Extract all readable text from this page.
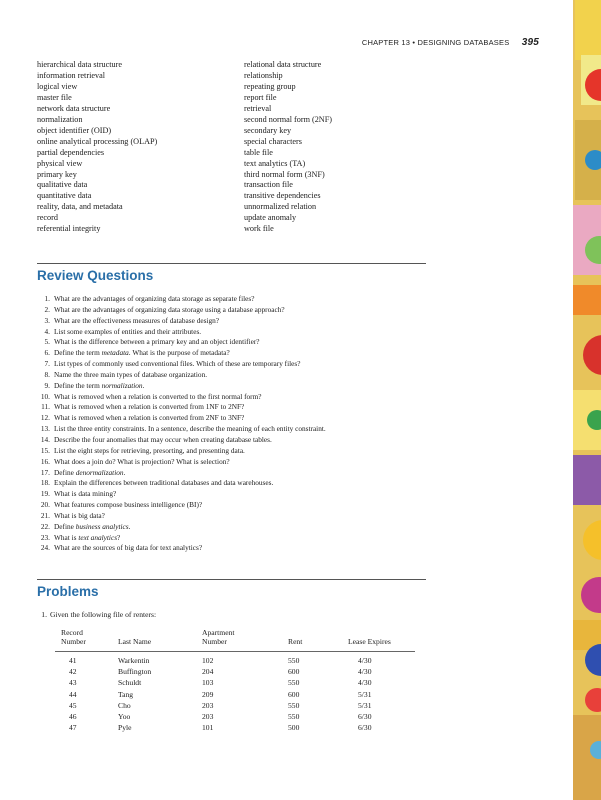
CHAPTER 13 • DESIGNING DATABASES 395
hierarchical data structure
information retrieval
logical view
master file
network data structure
normalization
object identifier (OID)
online analytical processing (OLAP)
partial dependencies
physical view
primary key
qualitative data
quantitative data
reality, data, and metadata
record
referential integrity
relational data structure
relationship
repeating group
report file
retrieval
second normal form (2NF)
secondary key
special characters
table file
text analytics (TA)
third normal form (3NF)
transaction file
transitive dependencies
unnormalized relation
update anomaly
work file
Review Questions
1. What are the advantages of organizing data storage as separate files?
2. What are the advantages of organizing data storage using a database approach?
3. What are the effectiveness measures of database design?
4. List some examples of entities and their attributes.
5. What is the difference between a primary key and an object identifier?
6. Define the term metadata. What is the purpose of metadata?
7. List types of commonly used conventional files. Which of these are temporary files?
8. Name the three main types of database organization.
9. Define the term normalization.
10. What is removed when a relation is converted to the first normal form?
11. What is removed when a relation is converted from 1NF to 2NF?
12. What is removed when a relation is converted from 2NF to 3NF?
13. List the three entity constraints. In a sentence, describe the meaning of each entity constraint.
14. Describe the four anomalies that may occur when creating database tables.
15. List the eight steps for retrieving, presorting, and presenting data.
16. What does a join do? What is projection? What is selection?
17. Define denormalization.
18. Explain the differences between traditional databases and data warehouses.
19. What is data mining?
20. What features compose business intelligence (BI)?
21. What is big data?
22. Define business analytics.
23. What is text analytics?
24. What are the sources of big data for text analytics?
Problems
1. Given the following file of renters:
Record
Number	Last Name
Apartment
Number	Rent	Lease Expires
41	Warkentin	102	550	4/30
42	Buffington	204	600	4/30
43	Schuldt	103	550	4/30
44	Tang	209	600	5/31
45	Cho	203	550	5/31
46	Yoo	203	550	6/30
47	Pyle	101	500	6/30
